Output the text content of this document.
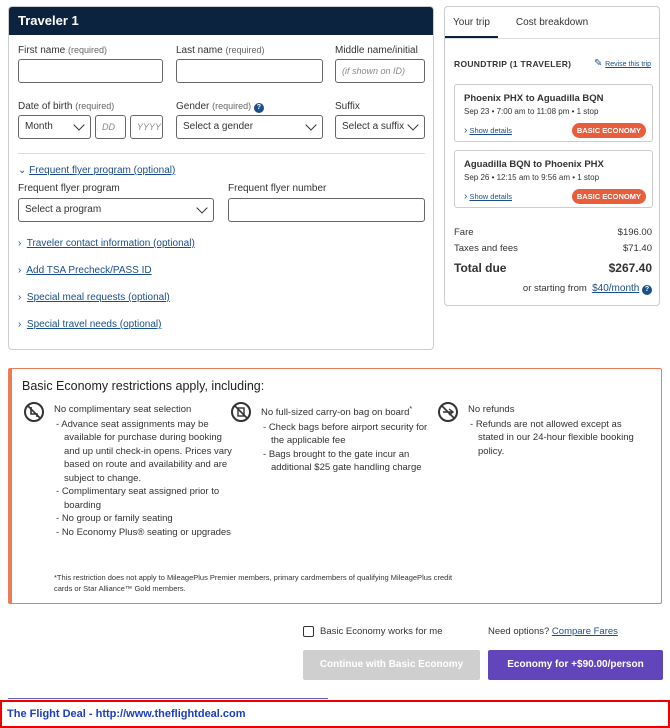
Traveler 1
First name (required)	Last name (required)	Middle name/initial
(if shown on ID)
Date of birth (required)
Month	DD	YYYY
Gender (required) ?
Select a gender
Suffix
Select a suffix
⌄ Frequent flyer program (optional)
Frequent flyer program
Select a program
Frequent flyer number
› Traveler contact information (optional)
› Add TSA Precheck/PASS ID
› Special meal requests (optional)
› Special travel needs (optional)
Your trip	Cost breakdown
ROUNDTRIP (1 TRAVELER) ✎ Revise this trip
Phoenix PHX to Aguadilla BQN
Sep 23 • 7:00 am to 11:08 pm • 1 stop
› Show details	BASIC ECONOMY
Aguadilla BQN to Phoenix PHX
Sep 26 • 12:15 am to 9:56 am • 1 stop
› Show details	BASIC ECONOMY
Fare	$196.00
Taxes and fees	$71.40
Total due	$267.40
or starting from $40/month ?
Basic Economy restrictions apply, including:
No complimentary seat selection
- Advance seat assignments may be available for purchase during booking and up until check-in opens. Prices vary based on route and availability and are subject to change.
- Complimentary seat assigned prior to boarding
- No group or family seating
- No Economy Plus® seating or upgrades
No full-sized carry-on bag on board*
- Check bags before airport security for the applicable fee
- Bags brought to the gate incur an additional $25 gate handling charge
No refunds
- Refunds are not allowed except as stated in our 24-hour flexible booking policy.
*This restriction does not apply to MileagePlus Premier members, primary cardmembers of qualifying MileagePlus credit cards or Star Alliance™ Gold members.
Basic Economy works for me	Need options? Compare Fares
Continue with Basic Economy	Economy for +$90.00/person
The Flight Deal - http://www.theflightdeal.com
